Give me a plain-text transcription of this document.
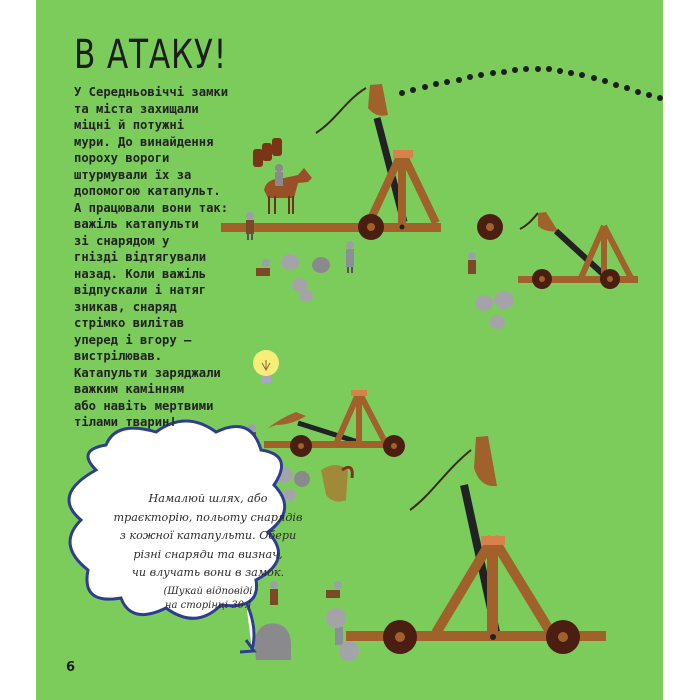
В АТАКУ!
У Середньовіччі замки
та міста захищали
міцні й потужні
мури. До винайдення
пороху вороги
штурмували їх за
допомогою катапульт.
А працювали вони так:
важіль катапульти
зі снарядом у
гнізді відтягували
назад. Коли важіль
відпускали і натяг
зникав, снаряд
стрімко вилітав
уперед і вгору —
вистрілював.
Катапульти заряджали
важким камінням
або навіть мертвими
тілами тварин!
Намалюй шлях, або
траєкторію, польоту снарядів
з кожної катапульти. Обери
різні снаряди та визнач,
чи влучать вони в замок.
(Шукай відповіді
на сторінці 30.)
6
